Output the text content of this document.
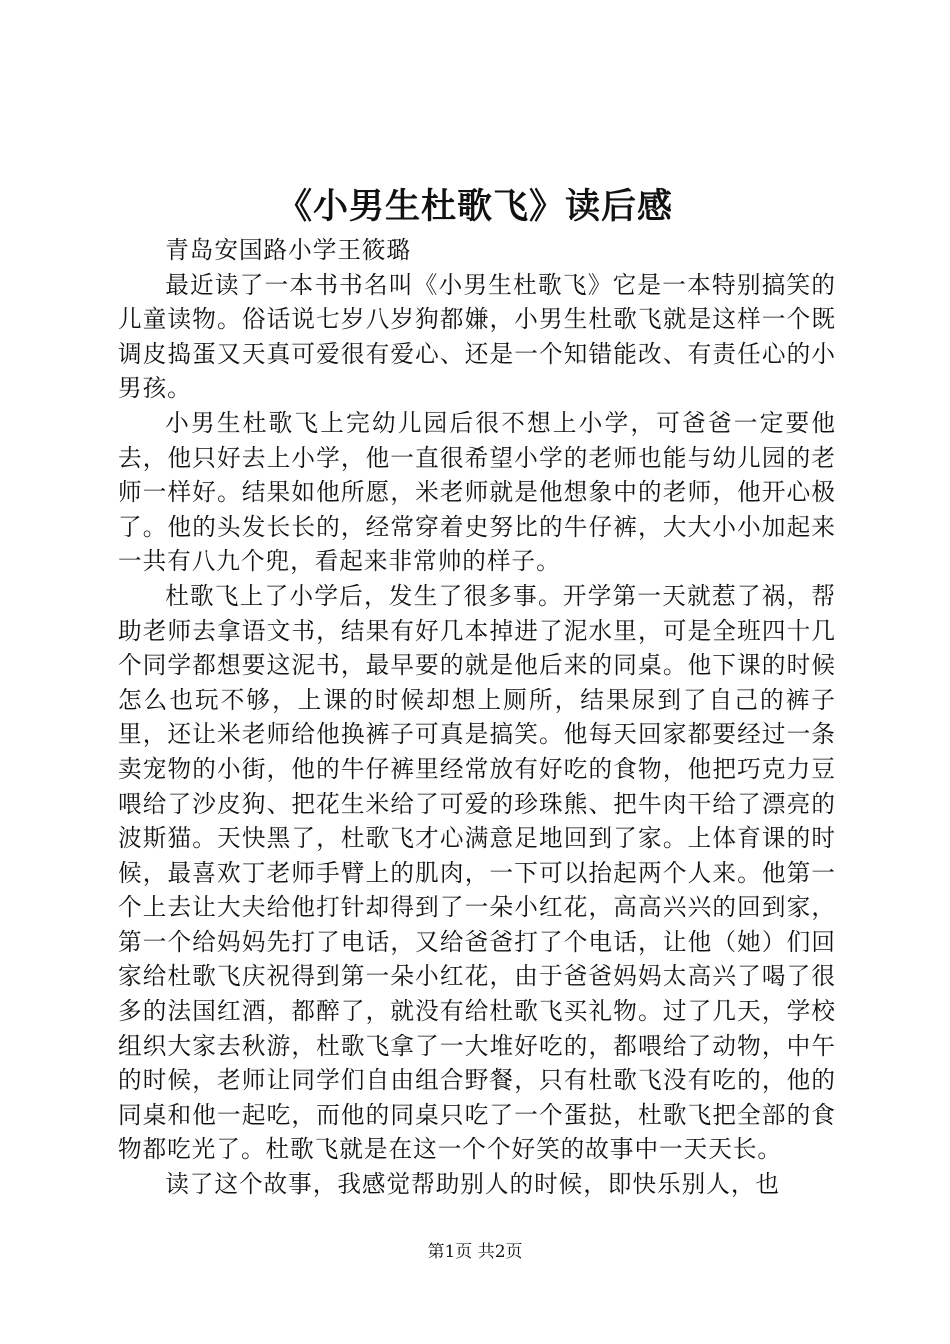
《小男生杜歌飞》读后感

青岛安国路小学王筱璐

最近读了一本书书名叫《小男生杜歌飞》它是一本特别搞笑的儿童读物。俗话说七岁八岁狗都嫌，小男生杜歌飞就是这样一个既调皮捣蛋又天真可爱很有爱心、还是一个知错能改、有责任心的小男孩。

小男生杜歌飞上完幼儿园后很不想上小学，可爸爸一定要他去，他只好去上小学，他一直很希望小学的老师也能与幼儿园的老师一样好。结果如他所愿，米老师就是他想象中的老师，他开心极了。他的头发长长的，经常穿着史努比的牛仔裤，大大小小加起来一共有八九个兜，看起来非常帅的样子。

杜歌飞上了小学后，发生了很多事。开学第一天就惹了祸，帮助老师去拿语文书，结果有好几本掉进了泥水里，可是全班四十几个同学都想要这泥书，最早要的就是他后来的同桌。他下课的时候怎么也玩不够，上课的时候却想上厕所，结果尿到了自己的裤子里，还让米老师给他换裤子可真是搞笑。他每天回家都要经过一条卖宠物的小街，他的牛仔裤里经常放有好吃的食物，他把巧克力豆喂给了沙皮狗、把花生米给了可爱的珍珠熊、把牛肉干给了漂亮的波斯猫。天快黑了，杜歌飞才心满意足地回到了家。上体育课的时候，最喜欢丁老师手臂上的肌肉，一下可以抬起两个人来。他第一个上去让大夫给他打针却得到了一朵小红花，高高兴兴的回到家，第一个给妈妈先打了电话，又给爸爸打了个电话，让他（她）们回家给杜歌飞庆祝得到第一朵小红花，由于爸爸妈妈太高兴了喝了很多的法国红酒，都醉了，就没有给杜歌飞买礼物。过了几天，学校组织大家去秋游，杜歌飞拿了一大堆好吃的，都喂给了动物，中午的时候，老师让同学们自由组合野餐，只有杜歌飞没有吃的，他的同桌和他一起吃，而他的同桌只吃了一个蛋挞，杜歌飞把全部的食物都吃光了。杜歌飞就是在这一个个好笑的故事中一天天长。

读了这个故事，我感觉帮助别人的时候，即快乐别人，也

第1页 共2页
